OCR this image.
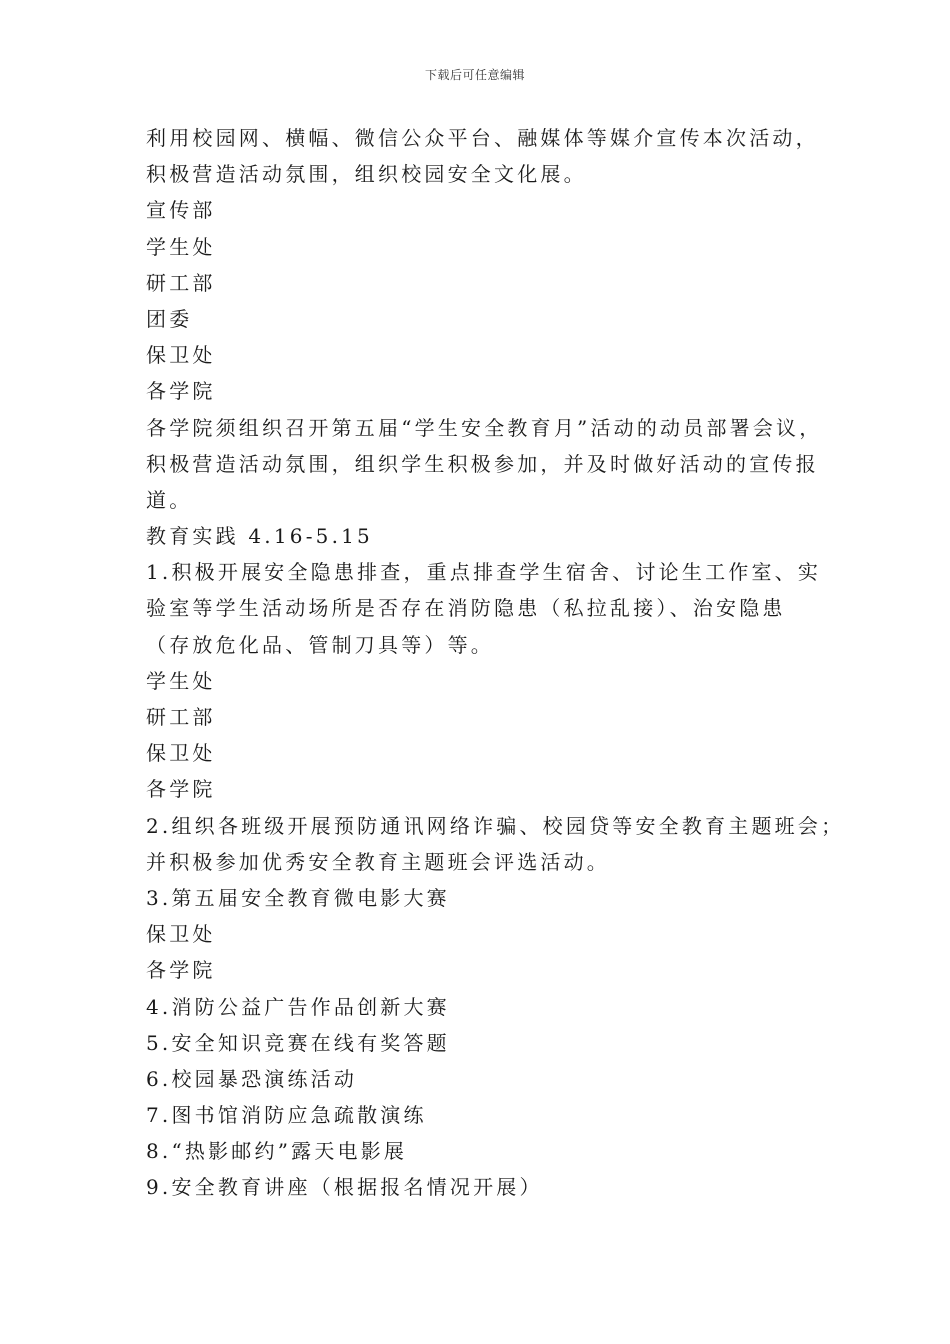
下载后可任意编辑
利用校园网、横幅、微信公众平台、融媒体等媒介宣传本次活动，
积极营造活动氛围，组织校园安全文化展。
宣传部
学生处
研工部
团委
保卫处
各学院
各学院须组织召开第五届“学生安全教育月”活动的动员部署会议，
积极营造活动氛围，组织学生积极参加，并及时做好活动的宣传报
道。
教育实践 4.16-5.15
1.积极开展安全隐患排查，重点排查学生宿舍、讨论生工作室、实
验室等学生活动场所是否存在消防隐患（私拉乱接）、治安隐患
（存放危化品、管制刀具等）等。
学生处
研工部
保卫处
各学院
2.组织各班级开展预防通讯网络诈骗、校园贷等安全教育主题班会；
并积极参加优秀安全教育主题班会评选活动。
3.第五届安全教育微电影大赛
保卫处
各学院
4.消防公益广告作品创新大赛
5.安全知识竞赛在线有奖答题
6.校园暴恐演练活动
7.图书馆消防应急疏散演练
8.“热影邮约”露天电影展
9.安全教育讲座（根据报名情况开展）
